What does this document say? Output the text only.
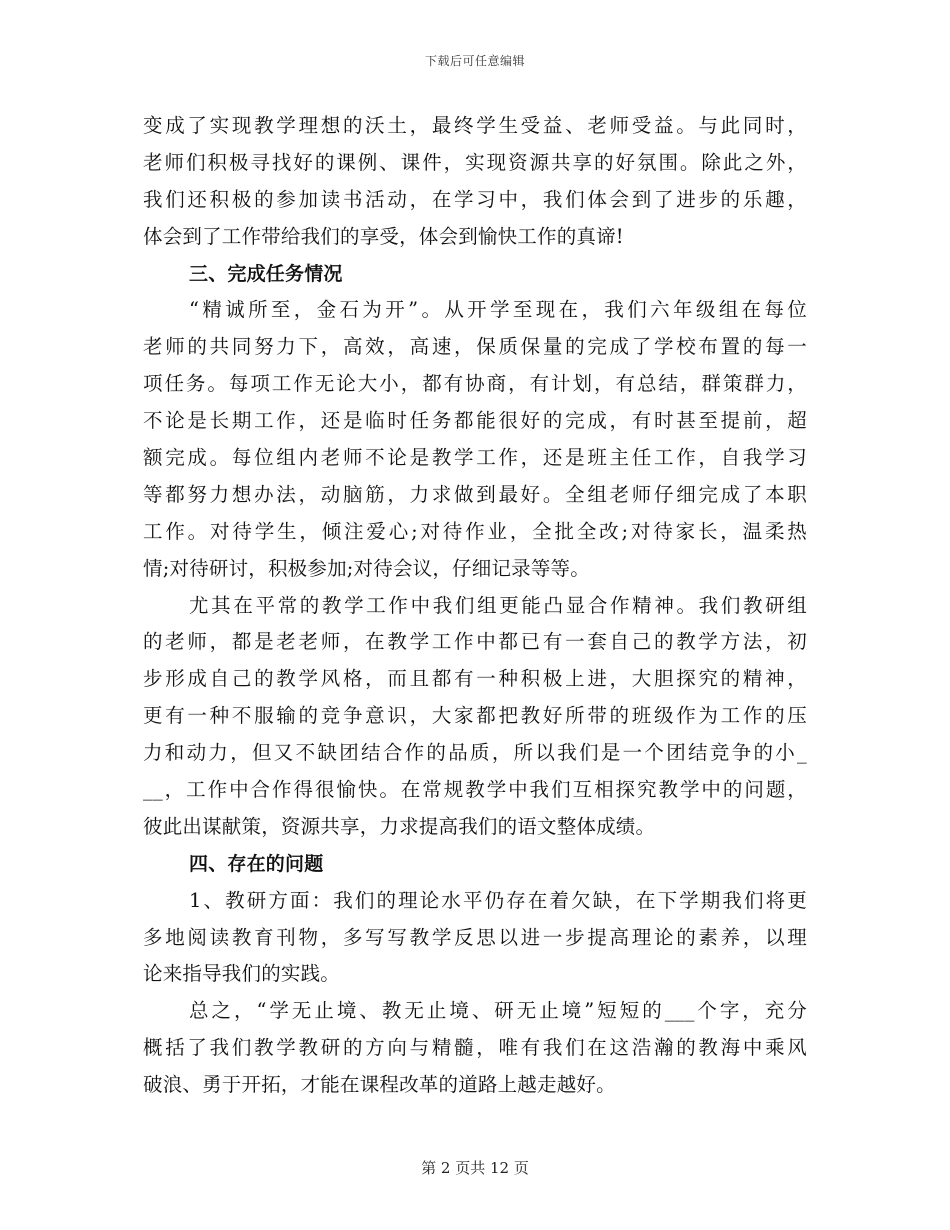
下载后可任意编辑
变成了实现教学理想的沃土，最终学生受益、老师受益。与此同时，
老师们积极寻找好的课例、课件，实现资源共享的好氛围。除此之外，
我们还积极的参加读书活动，在学习中，我们体会到了进步的乐趣，
体会到了工作带给我们的享受，体会到愉快工作的真谛!
三、完成任务情况
“精诚所至，金石为开”。从开学至现在，我们六年级组在每位
老师的共同努力下，高效，高速，保质保量的完成了学校布置的每一
项任务。每项工作无论大小，都有协商，有计划，有总结，群策群力，
不论是长期工作，还是临时任务都能很好的完成，有时甚至提前，超
额完成。每位组内老师不论是教学工作，还是班主任工作，自我学习
等都努力想办法，动脑筋，力求做到最好。全组老师仔细完成了本职
工作。对待学生，倾注爱心;对待作业，全批全改;对待家长，温柔热
情;对待研讨，积极参加;对待会议，仔细记录等等。
尤其在平常的教学工作中我们组更能凸显合作精神。我们教研组
的老师，都是老老师，在教学工作中都已有一套自己的教学方法，初
步形成自己的教学风格，而且都有一种积极上进，大胆探究的精神，
更有一种不服输的竞争意识，大家都把教好所带的班级作为工作的压
力和动力，但又不缺团结合作的品质，所以我们是一个团结竞争的小_
__，工作中合作得很愉快。在常规教学中我们互相探究教学中的问题，
彼此出谋献策，资源共享，力求提高我们的语文整体成绩。
四、存在的问题
1、教研方面：我们的理论水平仍存在着欠缺，在下学期我们将更
多地阅读教育刊物，多写写教学反思以进一步提高理论的素养，以理
论来指导我们的实践。
总之，“学无止境、教无止境、研无止境”短短的___个字，充分
概括了我们教学教研的方向与精髓，唯有我们在这浩瀚的教海中乘风
破浪、勇于开拓，才能在课程改革的道路上越走越好。
第 2 页共 12 页
